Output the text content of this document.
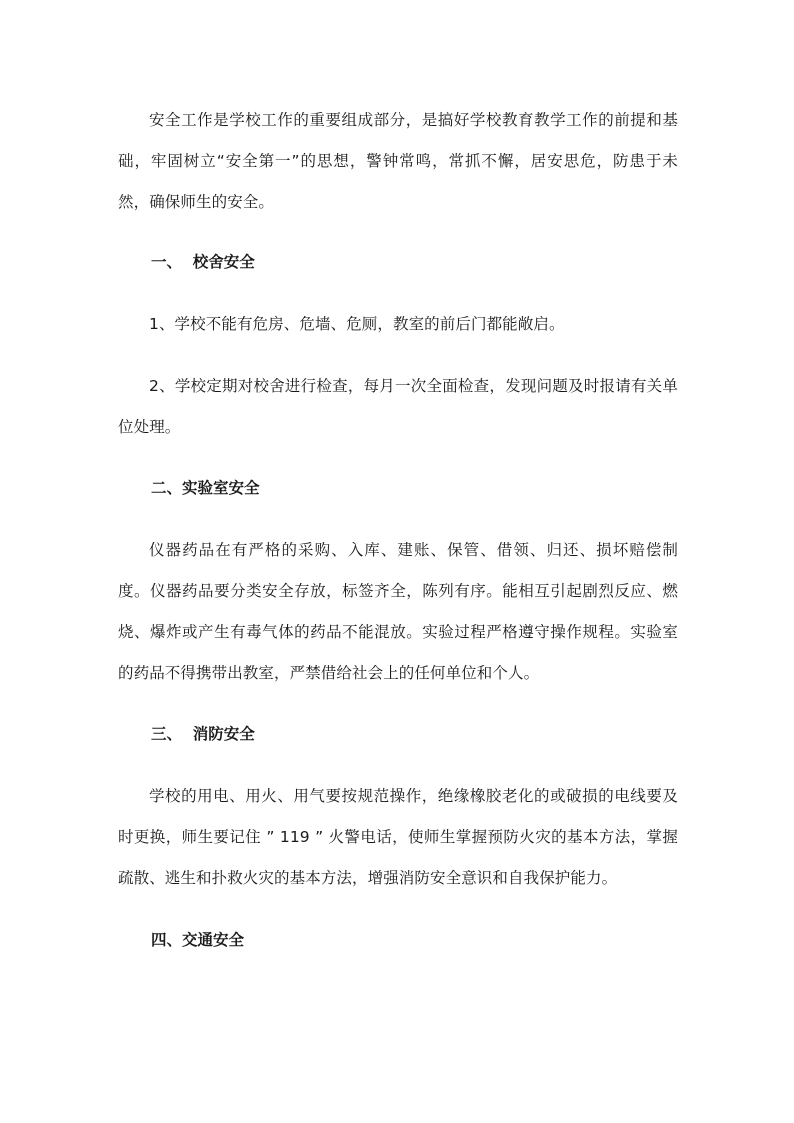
安全工作是学校工作的重要组成部分，是搞好学校教育教学工作的前提和基础，牢固树立“安全第一”的思想，警钟常鸣，常抓不懈，居安思危，防患于未然，确保师生的安全。

一、  校舍安全

1、学校不能有危房、危墙、危厕，教室的前后门都能敞启。

2、学校定期对校舍进行检查，每月一次全面检查，发现问题及时报请有关单位处理。

二、实验室安全

仪器药品在有严格的采购、入库、建账、保管、借领、归还、损坏赔偿制度。仪器药品要分类安全存放，标签齐全，陈列有序。能相互引起剧烈反应、燃烧、爆炸或产生有毒气体的药品不能混放。实验过程严格遵守操作规程。实验室的药品不得携带出教室，严禁借给社会上的任何单位和个人。

三、  消防安全

学校的用电、用火、用气要按规范操作，绝缘橡胶老化的或破损的电线要及时更换，师生要记住 ” 119 ” 火警电话，使师生掌握预防火灾的基本方法，掌握疏散、逃生和扑救火灾的基本方法，增强消防安全意识和自我保护能力。

四、交通安全
